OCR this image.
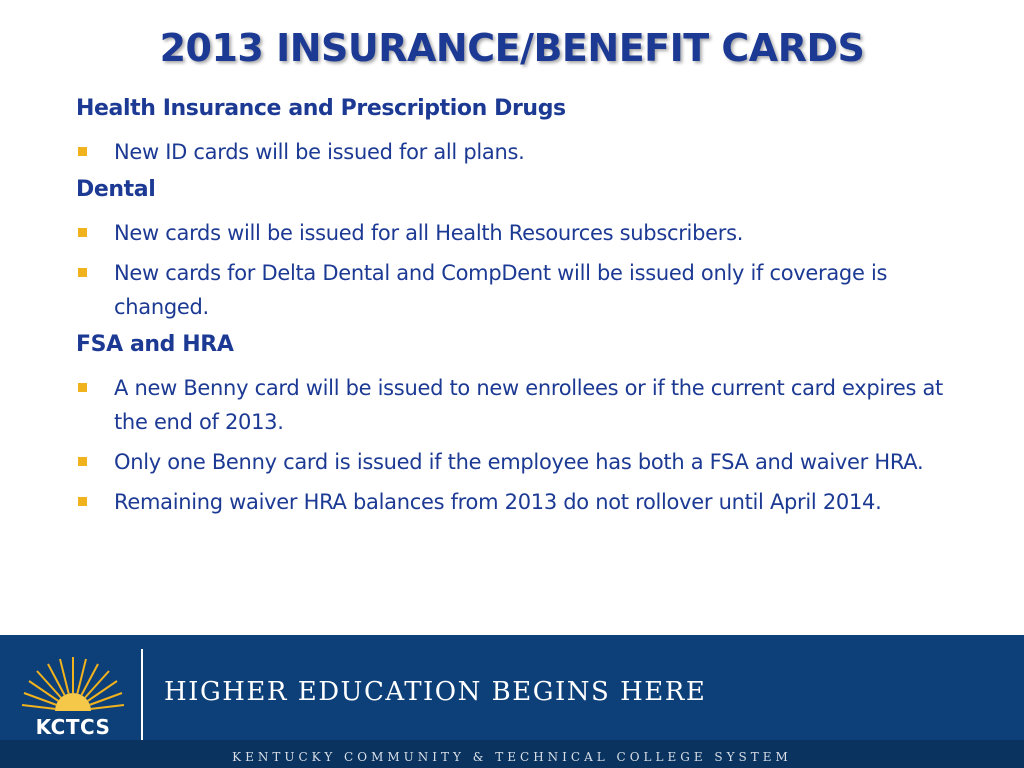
2013 INSURANCE/BENEFIT CARDS
Health Insurance and Prescription Drugs
New ID cards will be issued for all plans.
Dental
New cards will be issued for all Health Resources subscribers.
New cards for Delta Dental and CompDent will be issued only if coverage is changed.
FSA and HRA
A new Benny card will be issued to new enrollees or if the current card expires at the end of 2013.
Only one Benny card is issued if the employee has both a FSA and waiver HRA.
Remaining waiver HRA balances from 2013 do not rollover until April 2014.
KCTCS
HIGHER EDUCATION BEGINS HERE
KENTUCKY COMMUNITY & TECHNICAL COLLEGE SYSTEM
